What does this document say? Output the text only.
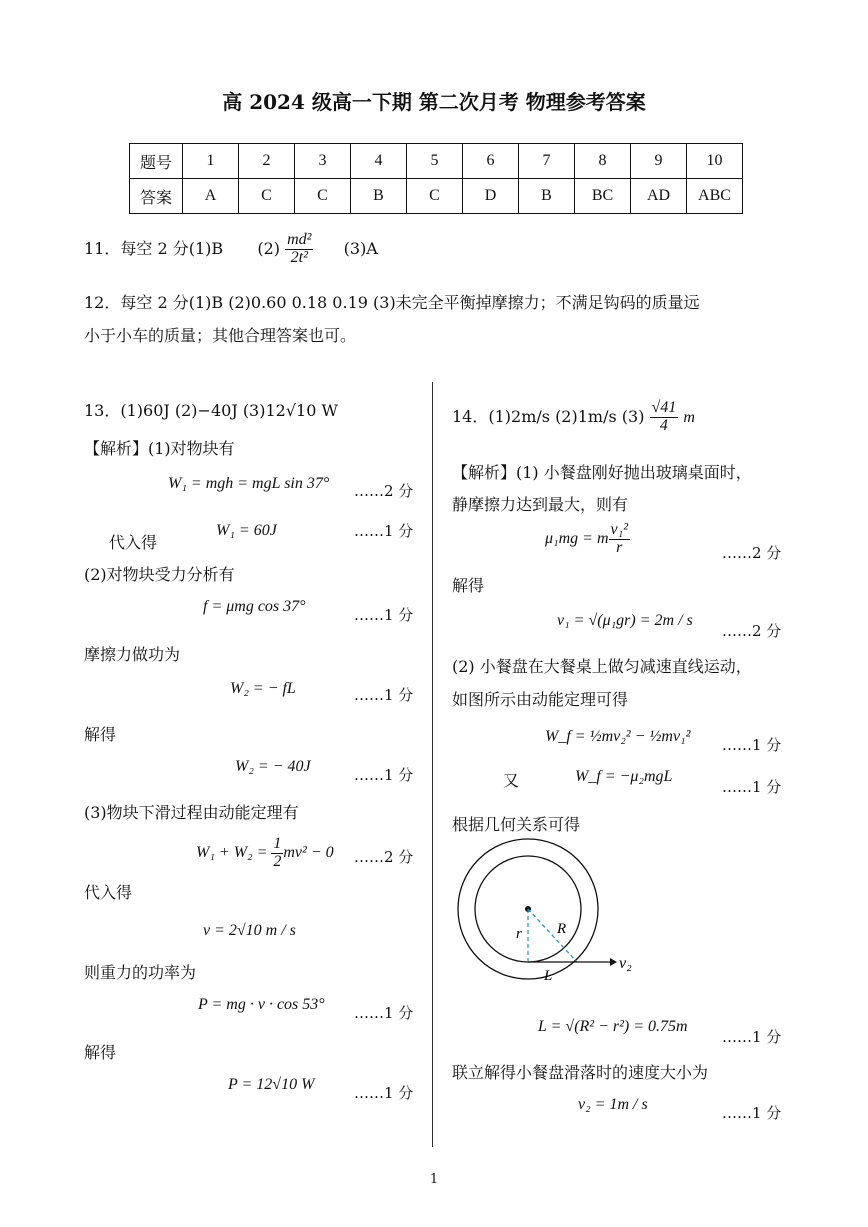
高 2024 级高一下期 第二次月考 物理参考答案
题号	1	2	3	4	5	6	7	8	9	10
答案	A	C	C	B	C	D	B	BC	AD	ABC
11．每空 2 分(1)B $(2) \frac{\text{md²}}{\text{2t²}} (3)A$
12．每空 2 分(1)B (2)0.60 0.18 0.19 (3)未完全平衡掉摩擦力；不满足钩码的质量远
小于小车的质量；其他合理答案也可。
13．(1)60J (2)−40J (3)12√10 W
【解析】(1)对物块有
W₁ = mgh = mgL sin 37° ……2 分
代入得
W₁ = 60J	……1 分
(2)对物块受力分析有
f = μmg cos 37°	……1 分
摩擦力做功为
W₂ = − fL	……1 分
解得
W₂ = − 40J	……1 分
(3)物块下滑过程由动能定理有
$W_1 + W_2 = \frac{1}{2} mv^2 - 0$ ……2 分
代入得
v = 2√10 m / s
则重力的功率为
P = mg · v · cos 53° ……1 分
解得
P = 12√10 W	……1 分
14．(1)2m/s (2)1m/s $(3) \frac{√41}{4}$ m
【解析】(1) 小餐盘刚好抛出玻璃桌面时，
静摩擦力达到最大，则有
μ₁mg = m $\frac{\text{v₁²}}{r}$	……2 分
解得
v₁ = √(μ₁gr) = 2m / s
……2 分
(2) 小餐盘在大餐桌上做匀减速直线运动，
如图所示由动能定理可得
W_f = ½mv₂² − ½mv₁² ……1 分
又	W_f = −μ₂mgL
……1 分
根据几何关系可得
r R
L
v₂
L = √(R² − r²) = 0.75m
……1 分
联立解得小餐盘滑落时的速度大小为
v₂ = 1m / s	……1 分
1
